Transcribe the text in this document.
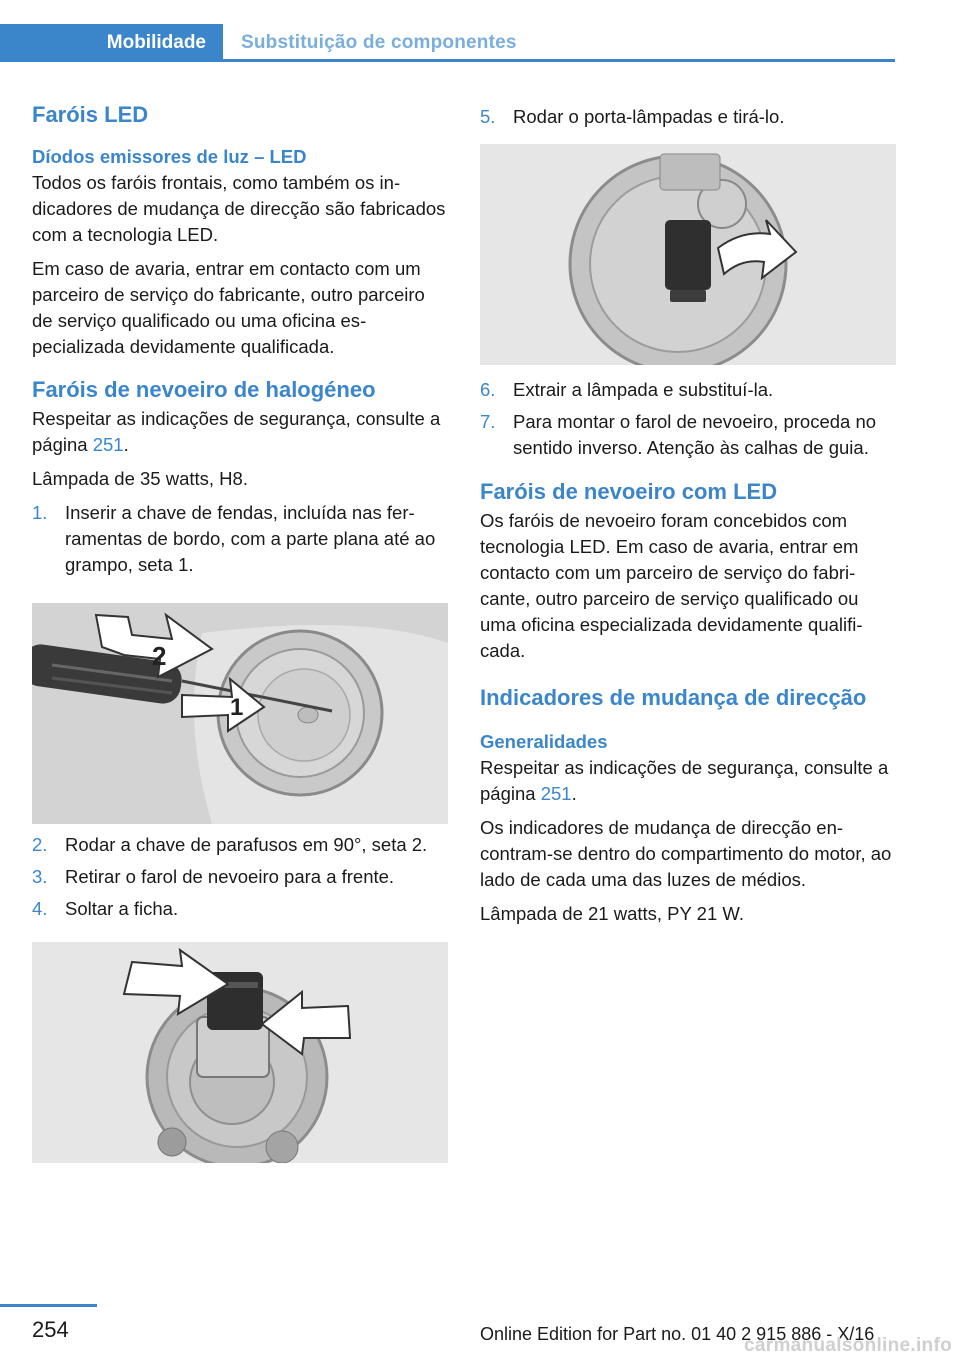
Mobilidade Substituição de componentes
Faróis LED
Díodos emissores de luz – LED

Todos os faróis frontais, como também os indicadores de mudança de direcção são fabricados com a tecnologia LED.

Em caso de avaria, entrar em contacto com um parceiro de serviço do fabricante, outro parceiro de serviço qualificado ou uma oficina especializada devidamente qualificada.

Faróis de nevoeiro de halogéneo

Respeitar as indicações de segurança, consulte a página 251.

Lâmpada de 35 watts, H8.

1. Inserir a chave de fendas, incluída nas ferramentas de bordo, com a parte plana até ao grampo, seta 1.
2
1
2. Rodar a chave de parafusos em 90°, seta 2.
3. Retirar o farol de nevoeiro para a frente.
4. Soltar a ficha.
5. Rodar o porta-lâmpadas e tirá-lo.
6. Extrair a lâmpada e substituí-la.
7. Para montar o farol de nevoeiro, proceda no sentido inverso. Atenção às calhas de guia.
Faróis de nevoeiro com LED

Os faróis de nevoeiro foram concebidos com tecnologia LED. Em caso de avaria, entrar em contacto com um parceiro de serviço do fabricante, outro parceiro de serviço qualificado ou uma oficina especializada devidamente qualificada.

Indicadores de mudança de direcção
Generalidades

Respeitar as indicações de segurança, consulte a página 251.

Os indicadores de mudança de direcção encontram-se dentro do compartimento do motor, ao lado de cada uma das luzes de médios.

Lâmpada de 21 watts, PY 21 W.

254	Online Edition for Part no. 01 40 2 915 886 - X/16
carmanualsonline.info
